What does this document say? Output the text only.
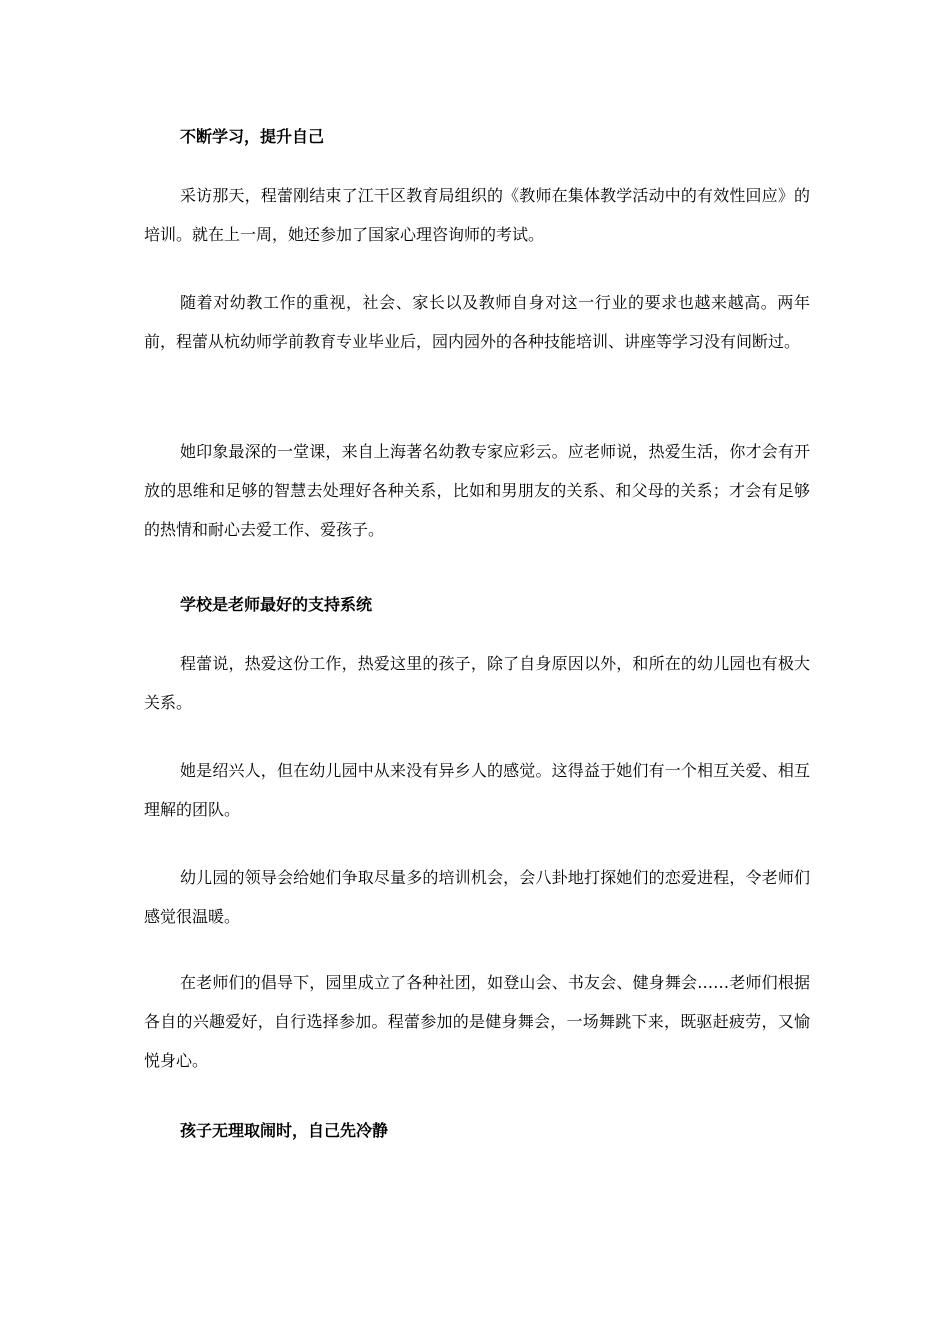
不断学习，提升自己

采访那天，程蕾刚结束了江干区教育局组织的《教师在集体教学活动中的有效性回应》的培训。就在上一周，她还参加了国家心理咨询师的考试。

随着对幼教工作的重视，社会、家长以及教师自身对这一行业的要求也越来越高。两年前，程蕾从杭幼师学前教育专业毕业后，园内园外的各种技能培训、讲座等学习没有间断过。

她印象最深的一堂课，来自上海著名幼教专家应彩云。应老师说，热爱生活，你才会有开放的思维和足够的智慧去处理好各种关系，比如和男朋友的关系、和父母的关系；才会有足够的热情和耐心去爱工作、爱孩子。

学校是老师最好的支持系统

程蕾说，热爱这份工作，热爱这里的孩子，除了自身原因以外，和所在的幼儿园也有极大关系。

她是绍兴人，但在幼儿园中从来没有异乡人的感觉。这得益于她们有一个相互关爱、相互理解的团队。

幼儿园的领导会给她们争取尽量多的培训机会，会八卦地打探她们的恋爱进程，令老师们感觉很温暖。

在老师们的倡导下，园里成立了各种社团，如登山会、书友会、健身舞会……老师们根据各自的兴趣爱好，自行选择参加。程蕾参加的是健身舞会，一场舞跳下来，既驱赶疲劳，又愉悦身心。

孩子无理取闹时，自己先冷静
